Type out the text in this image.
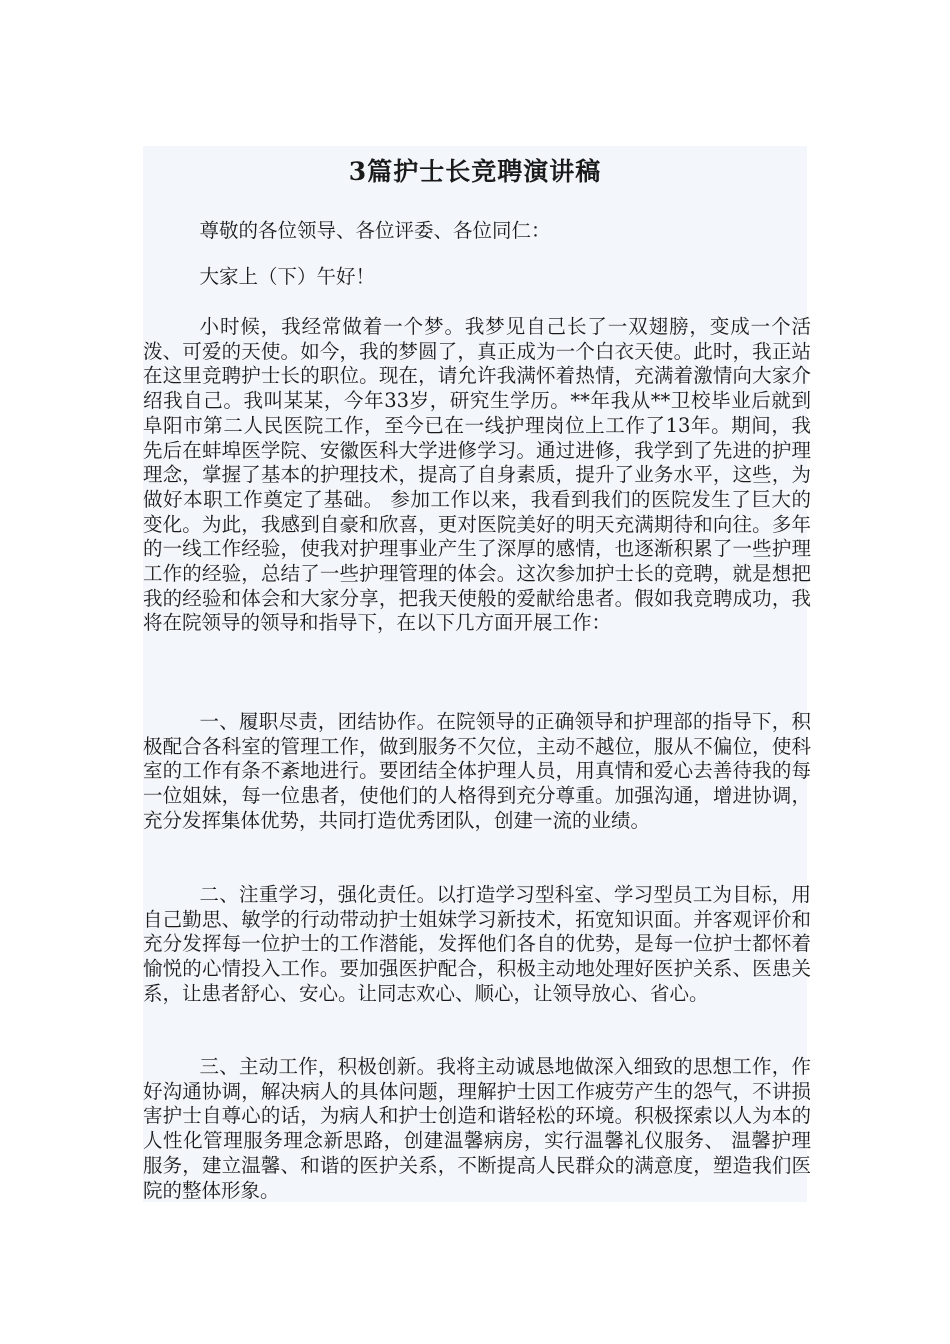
3篇护士长竞聘演讲稿

尊敬的各位领导、各位评委、各位同仁：

大家上（下）午好！

小时候，我经常做着一个梦。我梦见自己长了一双翅膀，变成一个活泼、可爱的天使。如今，我的梦圆了，真正成为一个白衣天使。此时，我正站在这里竞聘护士长的职位。现在，请允许我满怀着热情，充满着激情向大家介绍我自己。我叫某某，今年33岁，研究生学历。**年我从**卫校毕业后就到阜阳市第二人民医院工作，至今已在一线护理岗位上工作了13年。期间，我先后在蚌埠医学院、安徽医科大学进修学习。通过进修，我学到了先进的护理理念，掌握了基本的护理技术，提高了自身素质，提升了业务水平，这些，为做好本职工作奠定了基础。 参加工作以来，我看到我们的医院发生了巨大的变化。为此，我感到自豪和欣喜，更对医院美好的明天充满期待和向往。多年的一线工作经验，使我对护理事业产生了深厚的感情，也逐渐积累了一些护理工作的经验，总结了一些护理管理的体会。这次参加护士长的竞聘，就是想把我的经验和体会和大家分享，把我天使般的爱献给患者。假如我竞聘成功，我将在院领导的领导和指导下，在以下几方面开展工作：

一、履职尽责，团结协作。在院领导的正确领导和护理部的指导下，积极配合各科室的管理工作，做到服务不欠位，主动不越位，服从不偏位，使科室的工作有条不紊地进行。要团结全体护理人员，用真情和爱心去善待我的每一位姐妹，每一位患者，使他们的人格得到充分尊重。加强沟通，增进协调，充分发挥集体优势，共同打造优秀团队，创建一流的业绩。

二、注重学习，强化责任。以打造学习型科室、学习型员工为目标，用自己勤思、敏学的行动带动护士姐妹学习新技术，拓宽知识面。并客观评价和充分发挥每一位护士的工作潜能，发挥他们各自的优势，是每一位护士都怀着愉悦的心情投入工作。要加强医护配合，积极主动地处理好医护关系、医患关系，让患者舒心、安心。让同志欢心、顺心，让领导放心、省心。

三、主动工作，积极创新。我将主动诚恳地做深入细致的思想工作，作好沟通协调，解决病人的具体问题，理解护士因工作疲劳产生的怨气，不讲损害护士自尊心的话，为病人和护士创造和谐轻松的环境。积极探索以人为本的人性化管理服务理念新思路，创建温馨病房，实行温馨礼仪服务、 温馨护理服务，建立温馨、和谐的医护关系，不断提高人民群众的满意度，塑造我们医院的整体形象。
